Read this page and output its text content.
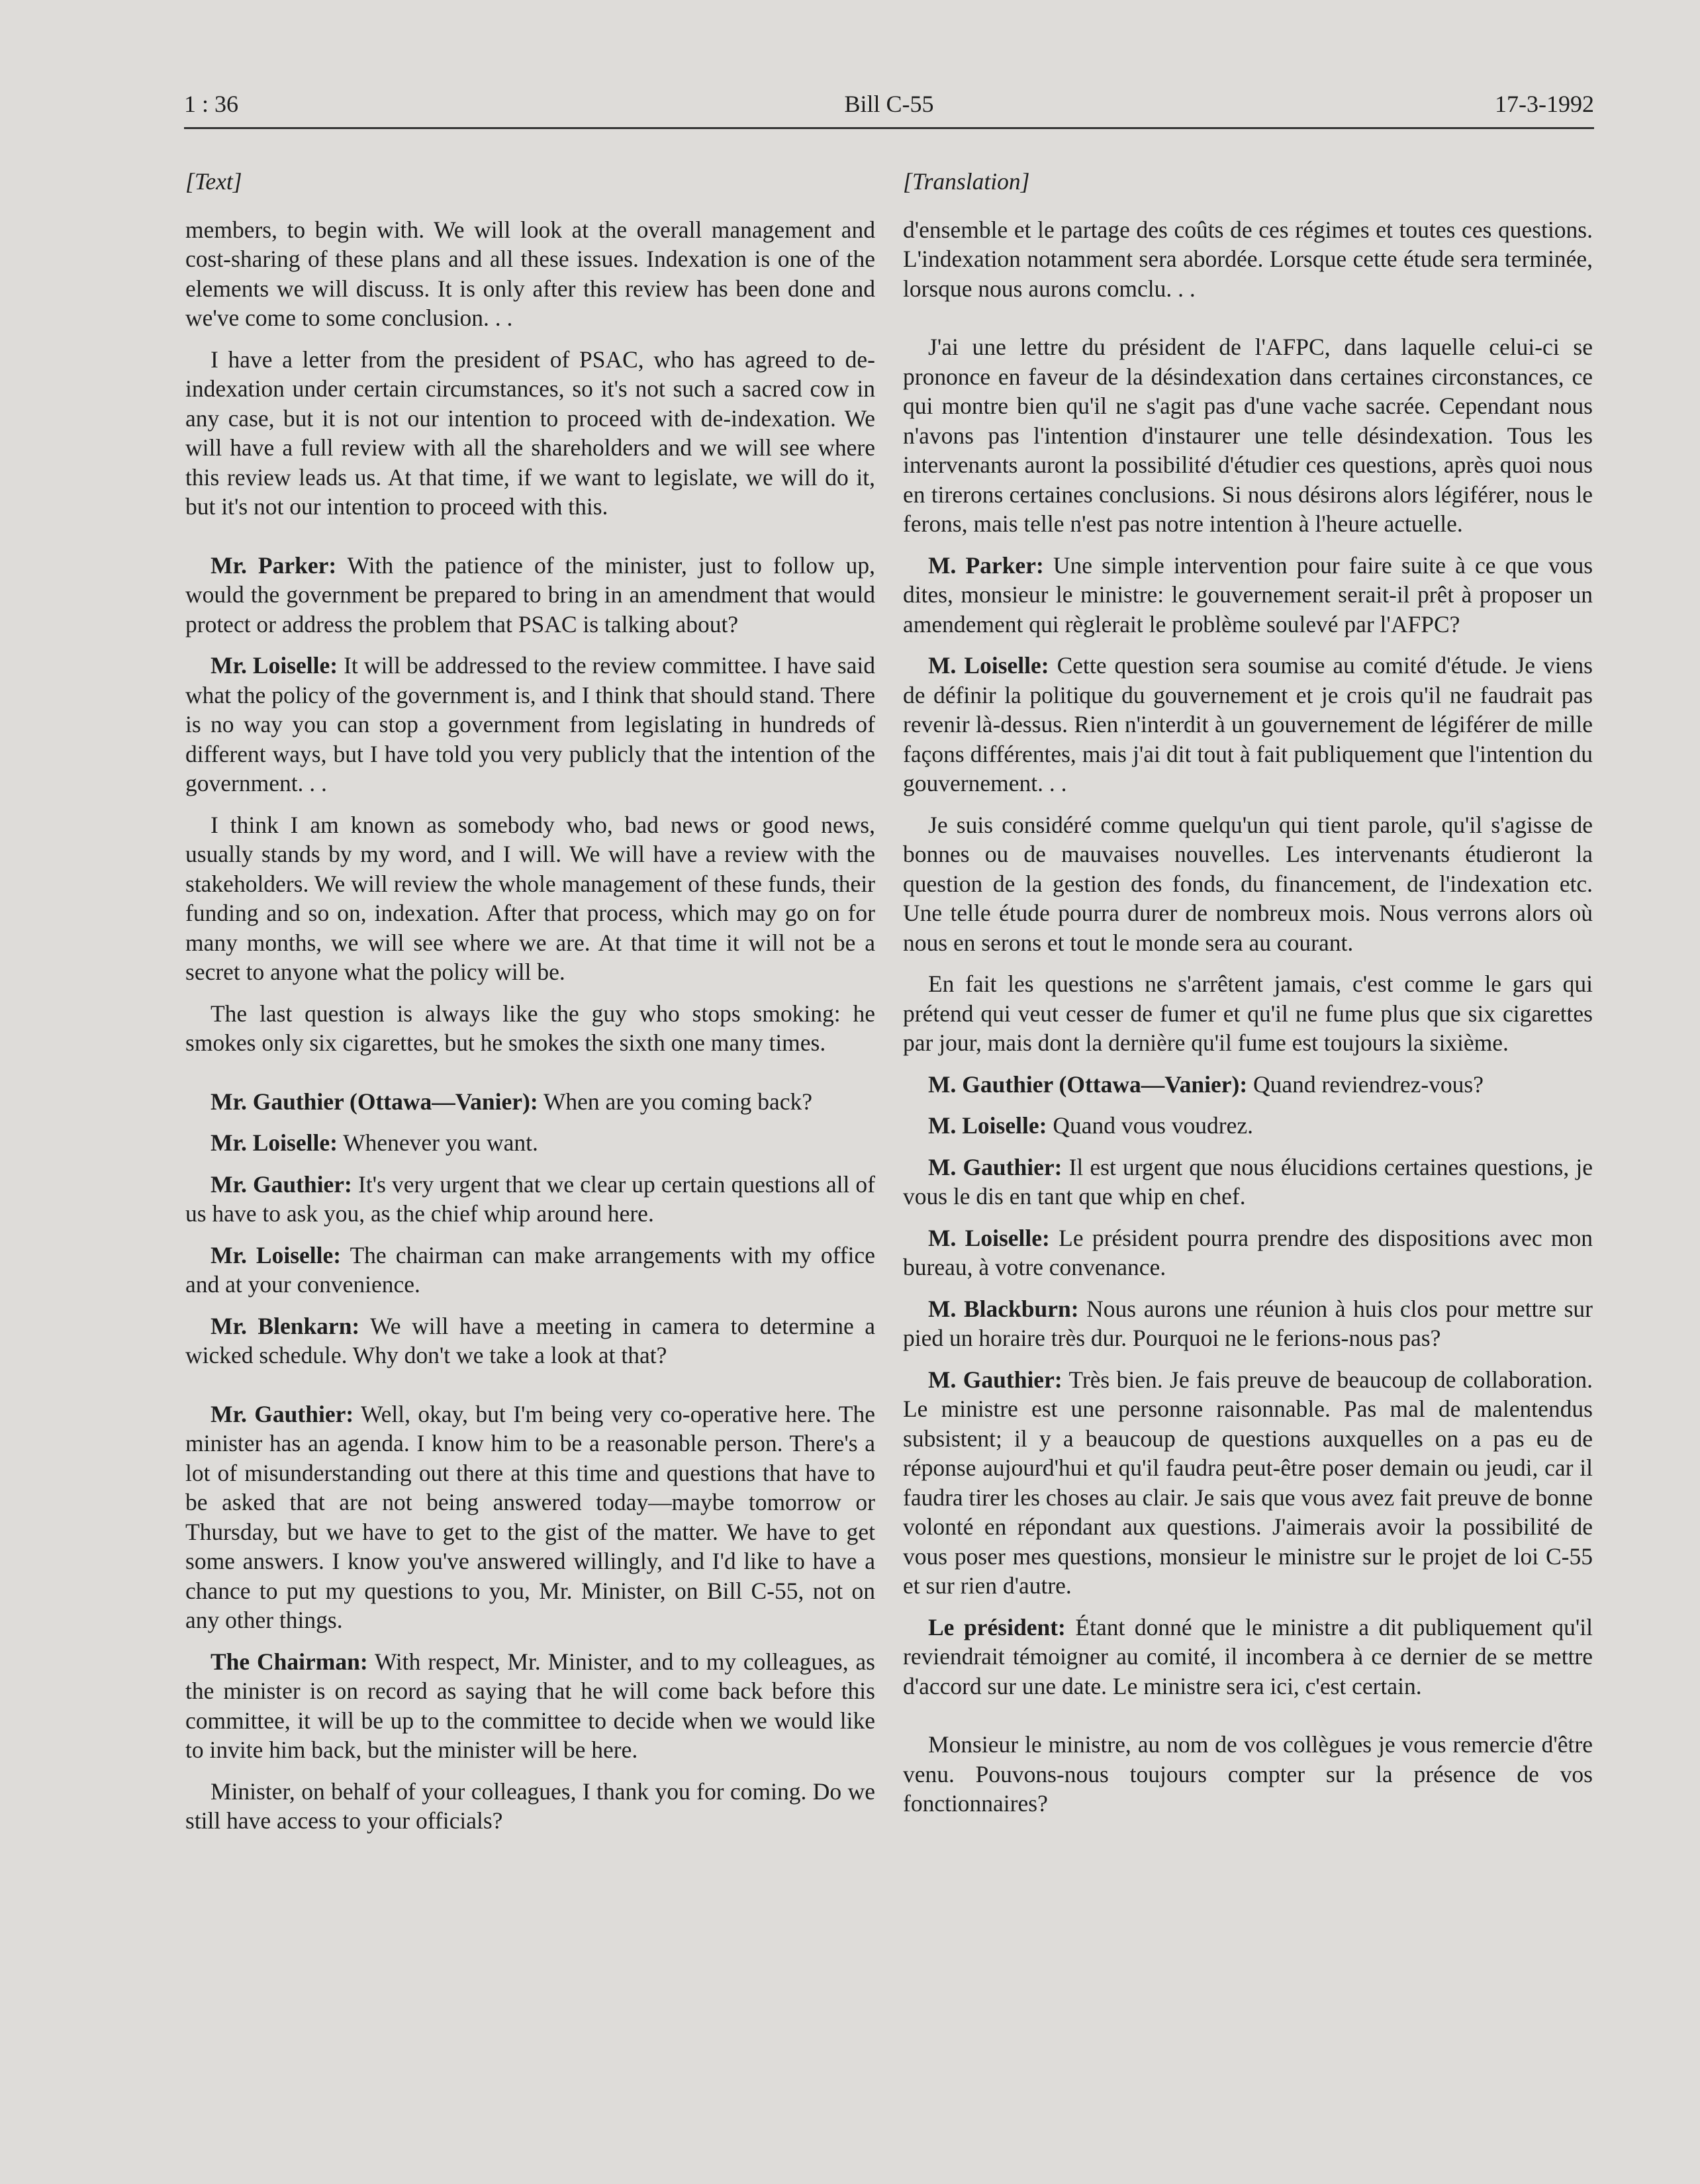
1 : 36	Bill C-55	17-3-1992
[Text]

members, to begin with. We will look at the overall management and cost-sharing of these plans and all these issues. Indexation is one of the elements we will discuss. It is only after this review has been done and we've come to some conclusion. . .

I have a letter from the president of PSAC, who has agreed to de-indexation under certain circumstances, so it's not such a sacred cow in any case, but it is not our intention to proceed with de-indexation. We will have a full review with all the shareholders and we will see where this review leads us. At that time, if we want to legislate, we will do it, but it's not our intention to proceed with this.

Mr. Parker: With the patience of the minister, just to follow up, would the government be prepared to bring in an amendment that would protect or address the problem that PSAC is talking about?

Mr. Loiselle: It will be addressed to the review committee. I have said what the policy of the government is, and I think that should stand. There is no way you can stop a government from legislating in hundreds of different ways, but I have told you very publicly that the intention of the government. . .

I think I am known as somebody who, bad news or good news, usually stands by my word, and I will. We will have a review with the stakeholders. We will review the whole management of these funds, their funding and so on, indexation. After that process, which may go on for many months, we will see where we are. At that time it will not be a secret to anyone what the policy will be.

The last question is always like the guy who stops smoking: he smokes only six cigarettes, but he smokes the sixth one many times.

Mr. Gauthier (Ottawa—Vanier): When are you coming back?

Mr. Loiselle: Whenever you want.

Mr. Gauthier: It's very urgent that we clear up certain questions all of us have to ask you, as the chief whip around here.

Mr. Loiselle: The chairman can make arrangements with my office and at your convenience.

Mr. Blenkarn: We will have a meeting in camera to determine a wicked schedule. Why don't we take a look at that?

Mr. Gauthier: Well, okay, but I'm being very co-operative here. The minister has an agenda. I know him to be a reasonable person. There's a lot of misunderstanding out there at this time and questions that have to be asked that are not being answered today—maybe tomorrow or Thursday, but we have to get to the gist of the matter. We have to get some answers. I know you've answered willingly, and I'd like to have a chance to put my questions to you, Mr. Minister, on Bill C-55, not on any other things.

The Chairman: With respect, Mr. Minister, and to my colleagues, as the minister is on record as saying that he will come back before this committee, it will be up to the committee to decide when we would like to invite him back, but the minister will be here.

Minister, on behalf of your colleagues, I thank you for coming. Do we still have access to your officials?

[Translation]

d'ensemble et le partage des coûts de ces régimes et toutes ces questions. L'indexation notamment sera abordée. Lorsque cette étude sera terminée, lorsque nous aurons comclu. . .

J'ai une lettre du président de l'AFPC, dans laquelle celui-ci se prononce en faveur de la désindexation dans certaines circonstances, ce qui montre bien qu'il ne s'agit pas d'une vache sacrée. Cependant nous n'avons pas l'intention d'instaurer une telle désindexation. Tous les intervenants auront la possibilité d'étudier ces questions, après quoi nous en tirerons certaines conclusions. Si nous désirons alors légiférer, nous le ferons, mais telle n'est pas notre intention à l'heure actuelle.

M. Parker: Une simple intervention pour faire suite à ce que vous dites, monsieur le ministre: le gouvernement serait-il prêt à proposer un amendement qui règlerait le problème soulevé par l'AFPC?

M. Loiselle: Cette question sera soumise au comité d'étude. Je viens de définir la politique du gouvernement et je crois qu'il ne faudrait pas revenir là-dessus. Rien n'interdit à un gouvernement de légiférer de mille façons différentes, mais j'ai dit tout à fait publiquement que l'intention du gouvernement. . .

Je suis considéré comme quelqu'un qui tient parole, qu'il s'agisse de bonnes ou de mauvaises nouvelles. Les intervenants étudieront la question de la gestion des fonds, du financement, de l'indexation etc. Une telle étude pourra durer de nombreux mois. Nous verrons alors où nous en serons et tout le monde sera au courant.

En fait les questions ne s'arrêtent jamais, c'est comme le gars qui prétend qui veut cesser de fumer et qu'il ne fume plus que six cigarettes par jour, mais dont la dernière qu'il fume est toujours la sixième.

M. Gauthier (Ottawa—Vanier): Quand reviendrez-vous?

M. Loiselle: Quand vous voudrez.

M. Gauthier: Il est urgent que nous élucidions certaines questions, je vous le dis en tant que whip en chef.

M. Loiselle: Le président pourra prendre des dispositions avec mon bureau, à votre convenance.

M. Blackburn: Nous aurons une réunion à huis clos pour mettre sur pied un horaire très dur. Pourquoi ne le ferions-nous pas?

M. Gauthier: Très bien. Je fais preuve de beaucoup de collaboration. Le ministre est une personne raisonnable. Pas mal de malentendus subsistent; il y a beaucoup de questions auxquelles on a pas eu de réponse aujourd'hui et qu'il faudra peut-être poser demain ou jeudi, car il faudra tirer les choses au clair. Je sais que vous avez fait preuve de bonne volonté en répondant aux questions. J'aimerais avoir la possibilité de vous poser mes questions, monsieur le ministre sur le projet de loi C-55 et sur rien d'autre.

Le président: Étant donné que le ministre a dit publiquement qu'il reviendrait témoigner au comité, il incombera à ce dernier de se mettre d'accord sur une date. Le ministre sera ici, c'est certain.

Monsieur le ministre, au nom de vos collègues je vous remercie d'être venu. Pouvons-nous toujours compter sur la présence de vos fonctionnaires?
